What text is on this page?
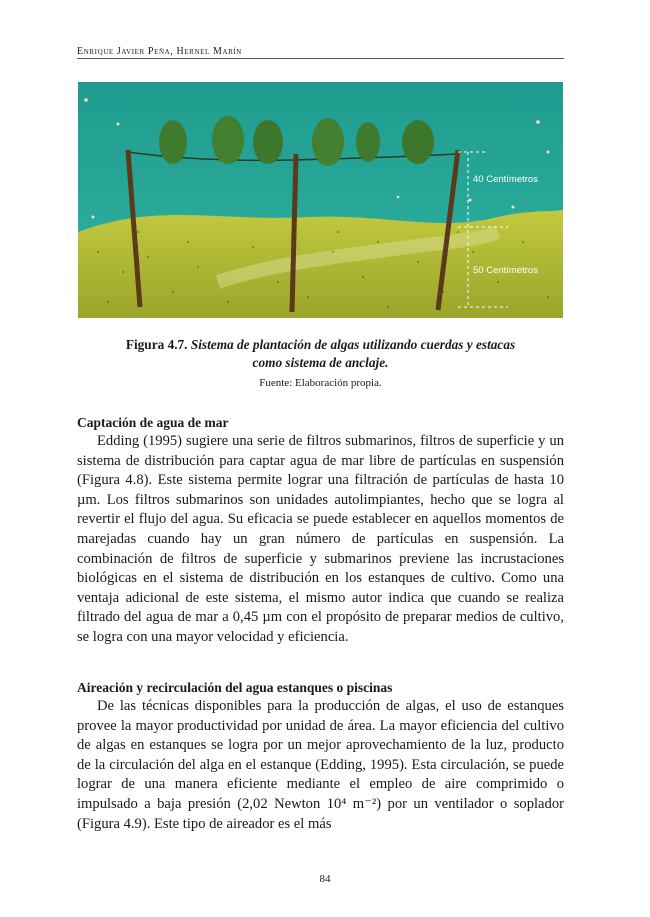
Enrique Javier Peña, Hernel Marín
40 Centímetros
50 Centímetros
Figura 4.7. Sistema de plantación de algas utilizando cuerdas y estacas
como sistema de anclaje.
Fuente: Elaboración propia.

Captación de agua de mar

Edding (1995) sugiere una serie de filtros submarinos, filtros de superficie y un sistema de distribución para captar agua de mar libre de partículas en suspensión (Figura 4.8). Este sistema permite lograr una filtración de partículas de hasta 10 µm. Los filtros submarinos son unidades autolimpiantes, hecho que se logra al revertir el flujo del agua. Su eficacia se puede establecer en aquellos momentos de marejadas cuando hay un gran número de partículas en suspensión. La combinación de filtros de superficie y submarinos previene las incrustaciones biológicas en el sistema de distribución en los estanques de cultivo. Como una ventaja adicional de este sistema, el mismo autor indica que cuando se realiza filtrado del agua de mar a 0,45 µm con el propósito de preparar medios de cultivo, se logra con una mayor velocidad y eficiencia.

Aireación y recirculación del agua estanques o piscinas

De las técnicas disponibles para la producción de algas, el uso de estanques provee la mayor productividad por unidad de área. La mayor eficiencia del cultivo de algas en estanques se logra por un mejor aprovechamiento de la luz, producto de la circulación del alga en el estanque (Edding, 1995). Esta circulación, se puede lograr de una manera eficiente mediante el empleo de aire comprimido o impulsado a baja presión (2,02 Newton 10⁴ m⁻²) por un ventilador o soplador (Figura 4.9). Este tipo de aireador es el más

84
